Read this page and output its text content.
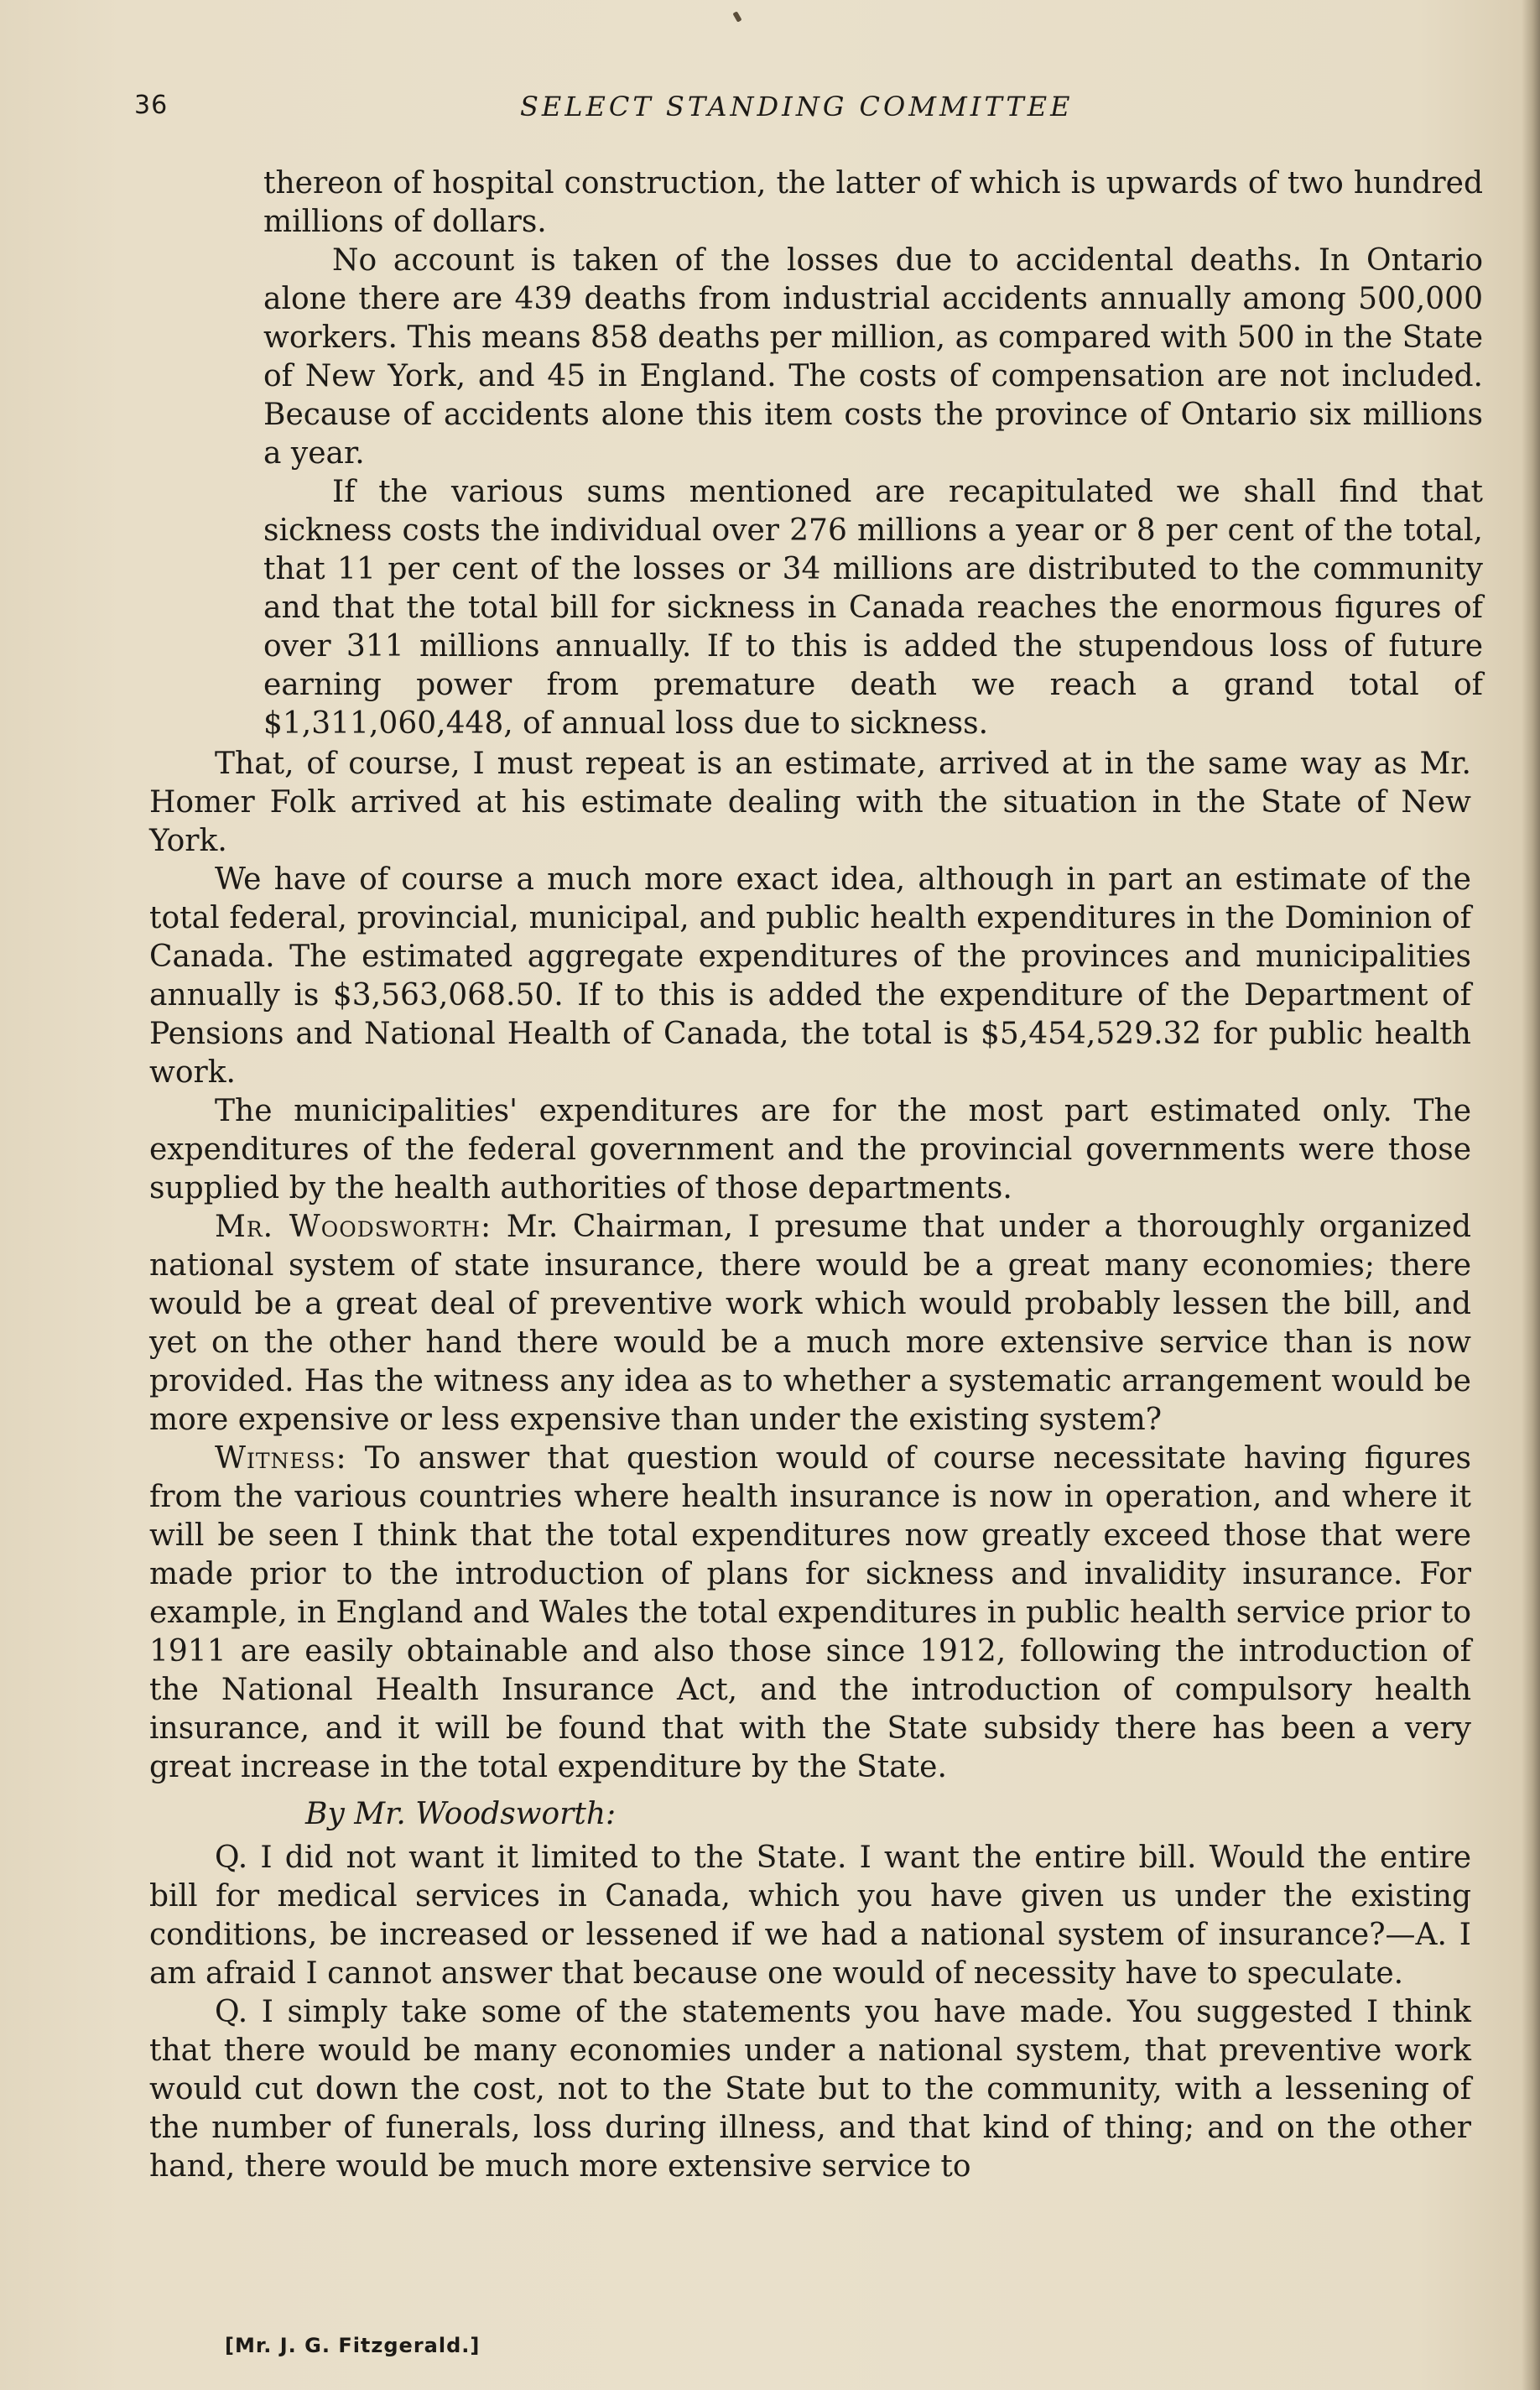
36	SELECT STANDING COMMITTEE

thereon of hospital construction, the latter of which is upwards of two hundred millions of dollars.

No account is taken of the losses due to accidental deaths. In Ontario alone there are 439 deaths from industrial accidents annually among 500,000 workers. This means 858 deaths per million, as compared with 500 in the State of New York, and 45 in England. The costs of compensation are not included. Because of accidents alone this item costs the province of Ontario six millions a year.

If the various sums mentioned are recapitulated we shall find that sickness costs the individual over 276 millions a year or 8 per cent of the total, that 11 per cent of the losses or 34 millions are distributed to the community and that the total bill for sickness in Canada reaches the enormous figures of over 311 millions annually. If to this is added the stupendous loss of future earning power from premature death we reach a grand total of $1,311,060,448, of annual loss due to sickness.

That, of course, I must repeat is an estimate, arrived at in the same way as Mr. Homer Folk arrived at his estimate dealing with the situation in the State of New York.

We have of course a much more exact idea, although in part an estimate of the total federal, provincial, municipal, and public health expenditures in the Dominion of Canada. The estimated aggregate expenditures of the provinces and municipalities annually is $3,563,068.50. If to this is added the expenditure of the Department of Pensions and National Health of Canada, the total is $5,454,529.32 for public health work.

The municipalities' expenditures are for the most part estimated only. The expenditures of the federal government and the provincial governments were those supplied by the health authorities of those departments.

Mr. Woodsworth: Mr. Chairman, I presume that under a thoroughly organized national system of state insurance, there would be a great many economies; there would be a great deal of preventive work which would probably lessen the bill, and yet on the other hand there would be a much more extensive service than is now provided. Has the witness any idea as to whether a systematic arrangement would be more expensive or less expensive than under the existing system?

Witness: To answer that question would of course necessitate having figures from the various countries where health insurance is now in operation, and where it will be seen I think that the total expenditures now greatly exceed those that were made prior to the introduction of plans for sickness and invalidity insurance. For example, in England and Wales the total expenditures in public health service prior to 1911 are easily obtainable and also those since 1912, following the introduction of the National Health Insurance Act, and the introduction of compulsory health insurance, and it will be found that with the State subsidy there has been a very great increase in the total expenditure by the State.

By Mr. Woodsworth:

Q. I did not want it limited to the State. I want the entire bill. Would the entire bill for medical services in Canada, which you have given us under the existing conditions, be increased or lessened if we had a national system of insurance?—A. I am afraid I cannot answer that because one would of necessity have to speculate.

Q. I simply take some of the statements you have made. You suggested I think that there would be many economies under a national system, that preventive work would cut down the cost, not to the State but to the community, with a lessening of the number of funerals, loss during illness, and that kind of thing; and on the other hand, there would be much more extensive service to

[Mr. J. G. Fitzgerald.]
